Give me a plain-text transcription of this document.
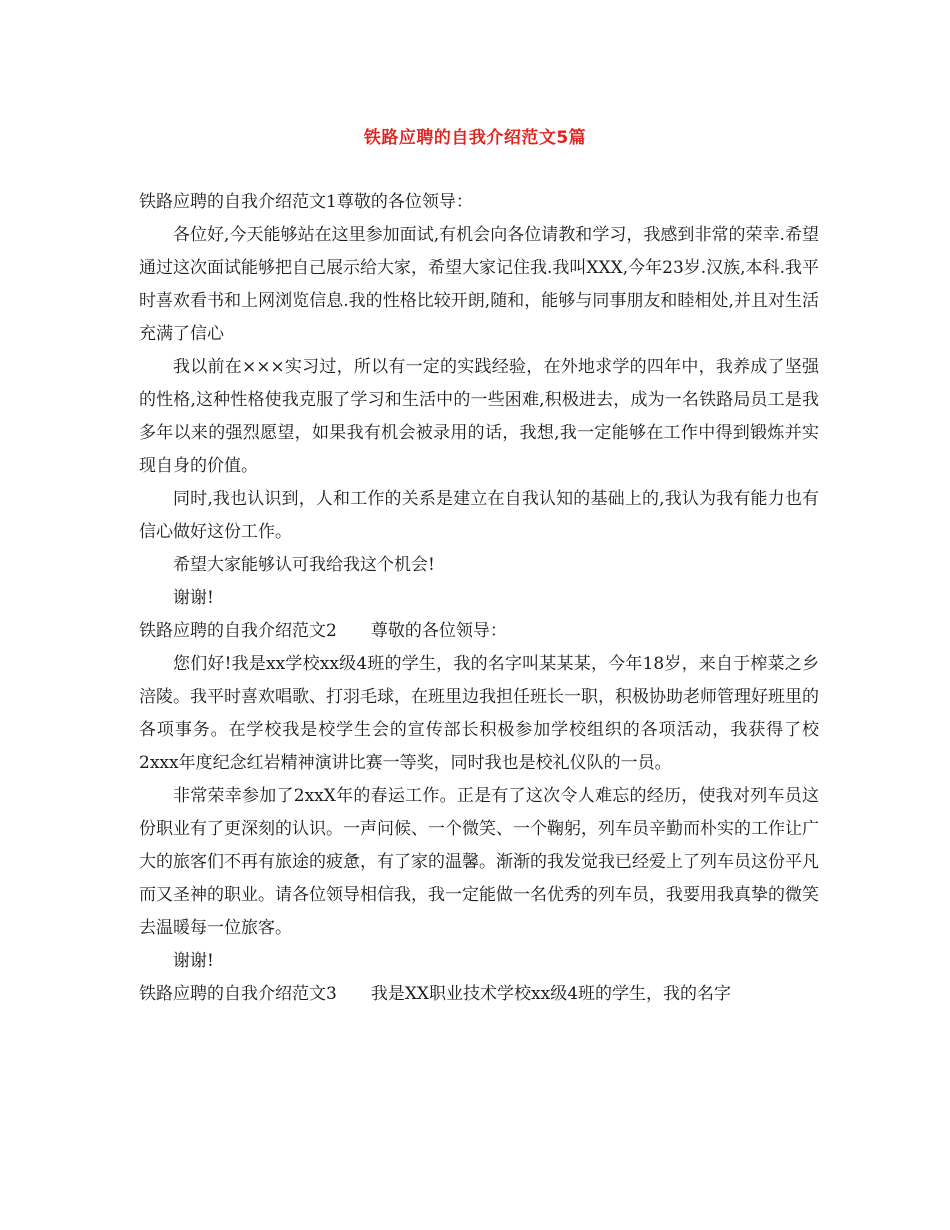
铁路应聘的自我介绍范文5篇

铁路应聘的自我介绍范文1尊敬的各位领导：

各位好,今天能够站在这里参加面试,有机会向各位请教和学习，我感到非常的荣幸.希望通过这次面试能够把自己展示给大家，希望大家记住我.我叫XXX,今年23岁.汉族,本科.我平时喜欢看书和上网浏览信息.我的性格比较开朗,随和，能够与同事朋友和睦相处,并且对生活充满了信心

我以前在×××实习过，所以有一定的实践经验，在外地求学的四年中，我养成了坚强的性格,这种性格使我克服了学习和生活中的一些困难,积极进去，成为一名铁路局员工是我多年以来的强烈愿望，如果我有机会被录用的话，我想,我一定能够在工作中得到锻炼并实现自身的价值。

同时,我也认识到，人和工作的关系是建立在自我认知的基础上的,我认为我有能力也有信心做好这份工作。

希望大家能够认可我给我这个机会!

谢谢!

铁路应聘的自我介绍范文2　　尊敬的各位领导：

您们好!我是xx学校xx级4班的学生，我的名字叫某某某，今年18岁，来自于榨菜之乡涪陵。我平时喜欢唱歌、打羽毛球，在班里边我担任班长一职，积极协助老师管理好班里的各项事务。在学校我是校学生会的宣传部长积极参加学校组织的各项活动，我获得了校2xxx年度纪念红岩精神演讲比赛一等奖，同时我也是校礼仪队的一员。

非常荣幸参加了2xxX年的春运工作。正是有了这次令人难忘的经历，使我对列车员这份职业有了更深刻的认识。一声问候、一个微笑、一个鞠躬，列车员辛勤而朴实的工作让广大的旅客们不再有旅途的疲惫，有了家的温馨。渐渐的我发觉我已经爱上了列车员这份平凡而又圣神的职业。请各位领导相信我，我一定能做一名优秀的列车员，我要用我真挚的微笑去温暖每一位旅客。

谢谢!

铁路应聘的自我介绍范文3　　我是XX职业技术学校xx级4班的学生，我的名字
